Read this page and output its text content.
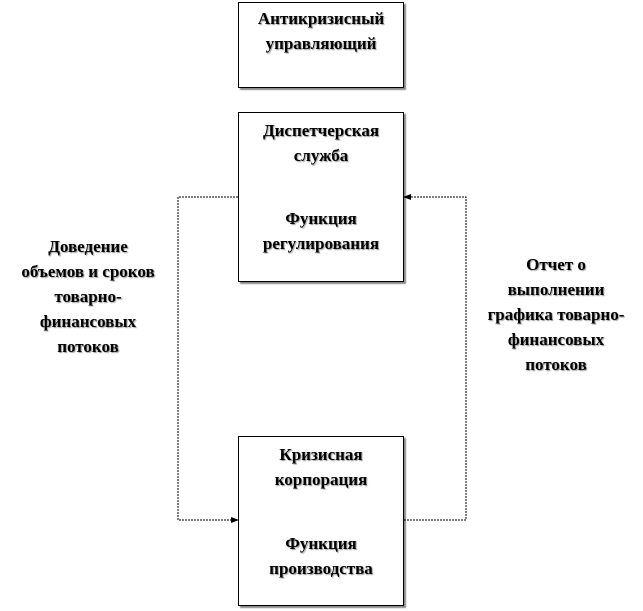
Антикризисный
управляющий
Диспетчерская
служба
Функция
регулирования
Кризисная
корпорация
Функция
производства
Доведение
объемов и сроков
товарно-
финансовых
потоков
Отчет о
выполнении
графика товарно-
финансовых
потоков
